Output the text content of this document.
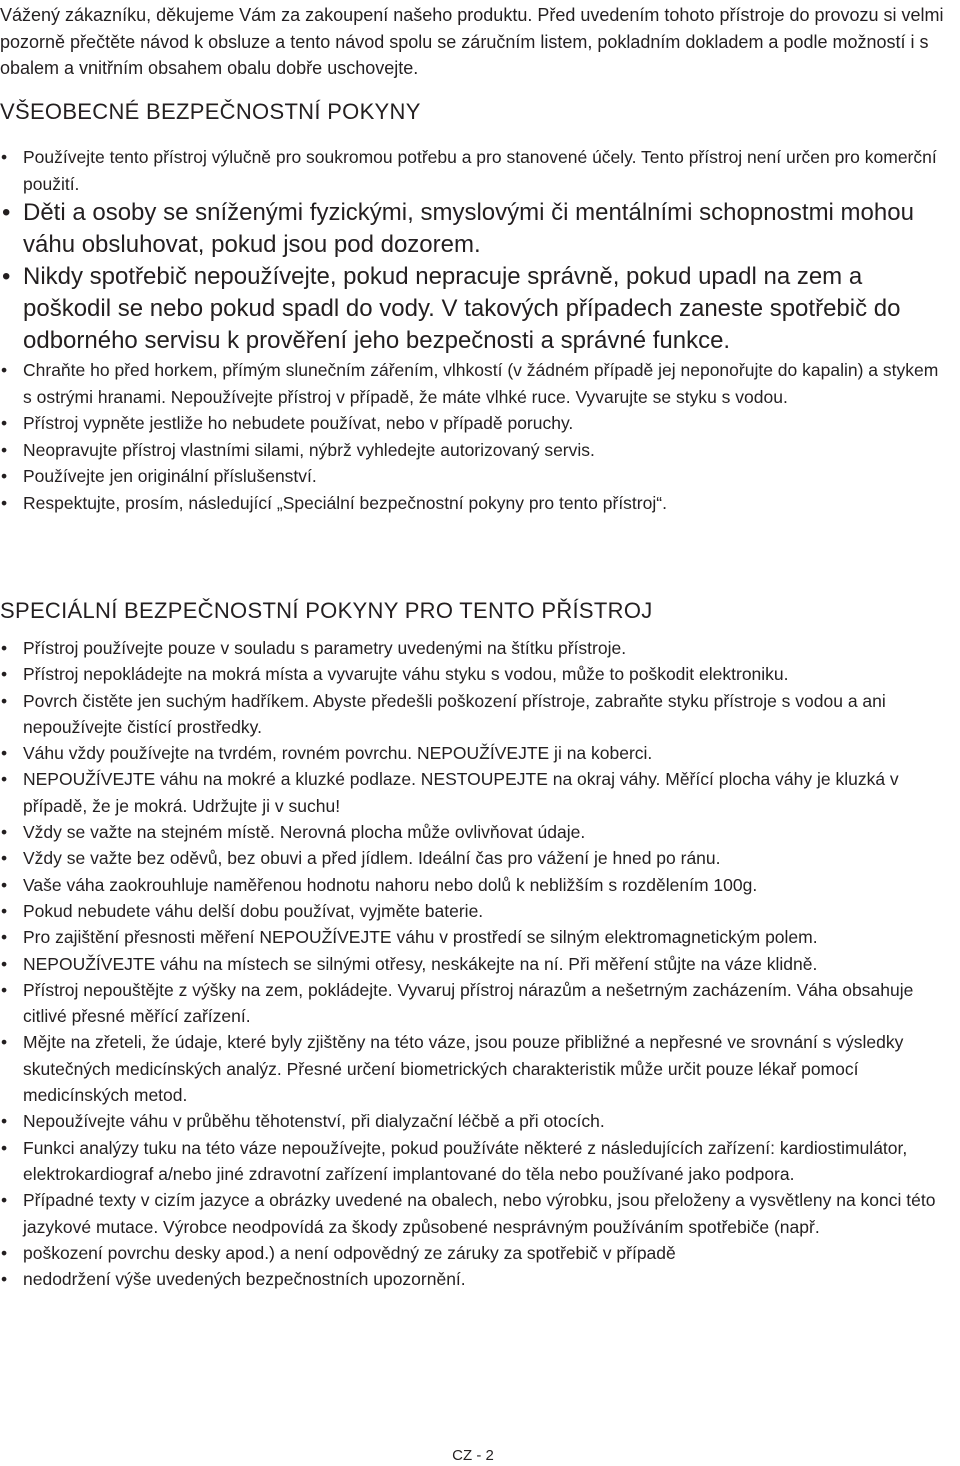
Vážený zákazníku, děkujeme Vám za zakoupení našeho produktu. Před uvedením tohoto přístroje do provozu si velmi pozorně přečtěte návod k obsluze a tento návod spolu se záručním listem, pokladním dokladem a podle možností i s obalem a vnitřním obsahem obalu dobře uschovejte.

VŠEOBECNÉ BEZPEČNOSTNÍ POKYNY
• Používejte tento přístroj výlučně pro soukromou potřebu a pro stanovené účely. Tento přístroj není určen pro komerční použití.
• Děti a osoby se sníženými fyzickými, smyslovými či mentálními schopnostmi mohou váhu obsluhovat, pokud jsou pod dozorem.
• Nikdy spotřebič nepoužívejte, pokud nepracuje správně, pokud upadl na zem a poškodil se nebo pokud spadl do vody. V takových případech zaneste spotřebič do odborného servisu k prověření jeho bezpečnosti a správné funkce.
• Chraňte ho před horkem, přímým slunečním zářením, vlhkostí (v žádném případě jej neponořujte do kapalin) a stykem s ostrými hranami. Nepoužívejte přístroj v případě, že máte vlhké ruce. Vyvarujte se styku s vodou.
• Přístroj vypněte jestliže ho nebudete používat, nebo v případě poruchy.
• Neopravujte přístroj vlastními silami, nýbrž vyhledejte autorizovaný servis.
• Používejte jen originální příslušenství.
• Respektujte, prosím, následující „Speciální bezpečnostní pokyny pro tento přístroj“.
SPECIÁLNÍ BEZPEČNOSTNÍ POKYNY PRO TENTO PŘÍSTROJ
• Přístroj používejte pouze v souladu s parametry uvedenými na štítku přístroje.
• Přístroj nepokládejte na mokrá místa a vyvarujte váhu styku s vodou, může to poškodit elektroniku.
• Povrch čistěte jen suchým hadříkem. Abyste předešli poškození přístroje, zabraňte styku přístroje s vodou a ani nepoužívejte čistící prostředky.
• Váhu vždy používejte na tvrdém, rovném povrchu. NEPOUŽÍVEJTE ji na koberci.
• NEPOUŽÍVEJTE váhu na mokré a kluzké podlaze. NESTOUPEJTE na okraj váhy. Měřící plocha váhy je kluzká v případě, že je mokrá. Udržujte ji v suchu!
• Vždy se važte na stejném místě. Nerovná plocha může ovlivňovat údaje.
• Vždy se važte bez oděvů, bez obuvi a před jídlem. Ideální čas pro vážení je hned po ránu.
• Vaše váha zaokrouhluje naměřenou hodnotu nahoru nebo dolů k nebližším s rozdělením 100g.
• Pokud nebudete váhu delší dobu používat, vyjměte baterie.
• Pro zajištění přesnosti měření NEPOUŽÍVEJTE váhu v prostředí se silným elektromagnetickým polem.
• NEPOUŽÍVEJTE váhu na místech se silnými otřesy, neskákejte na ní. Při měření stůjte na váze klidně.
• Přístroj nepouštějte z výšky na zem, pokládejte. Vyvaruj přístroj nárazům a nešetrným zacházením. Váha obsahuje citlivé přesné měřící zařízení.
• Mějte na zřeteli, že údaje, které byly zjištěny na této váze, jsou pouze přibližné a nepřesné ve srovnání s výsledky skutečných medicínských analýz. Přesné určení biometrických charakteristik může určit pouze lékař pomocí medicínských metod.
• Nepoužívejte váhu v průběhu těhotenství, při dialyzační léčbě a při otocích.
• Funkci analýzy tuku na této váze nepoužívejte, pokud používáte některé z následujících zařízení: kardiostimulátor, elektrokardiograf a/nebo jiné zdravotní zařízení implantované do těla nebo používané jako podpora.
• Případné texty v cizím jazyce a obrázky uvedené na obalech, nebo výrobku, jsou přeloženy a vysvětleny na konci této jazykové mutace. Výrobce neodpovídá za škody způsobené nesprávným používáním spotřebiče (např.
• poškození povrchu desky apod.) a není odpovědný ze záruky za spotřebič v případě
• nedodržení výše uvedených bezpečnostních upozornění.
CZ - 2
